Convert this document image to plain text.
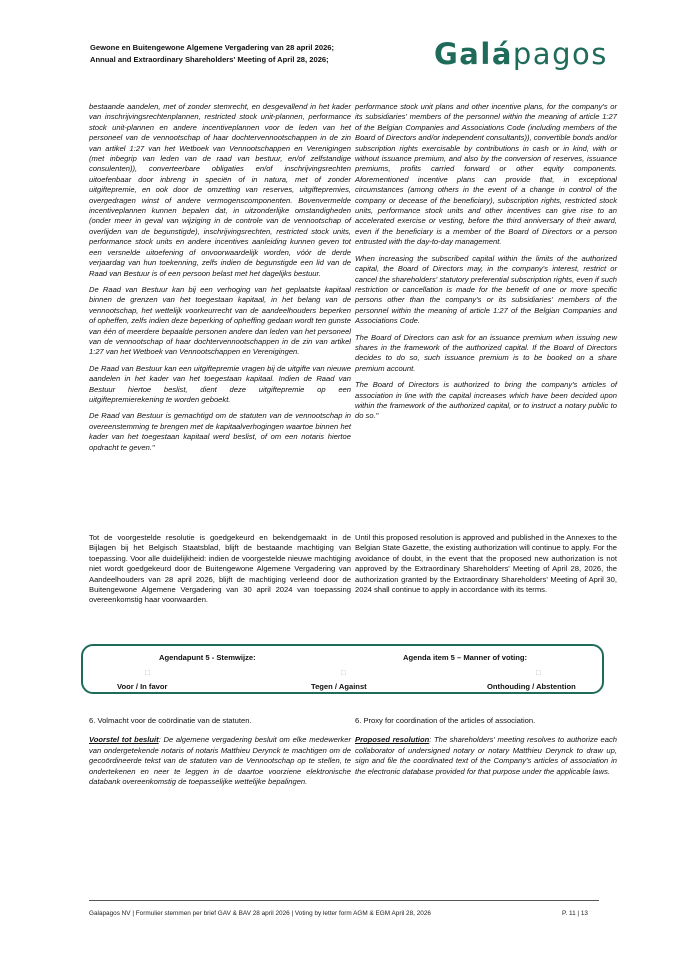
Gewone en Buitengewone Algemene Vergadering van 28 april 2026;
Annual and Extraordinary Shareholders' Meeting of April 28, 2026;	Galápagos

bestaande aandelen, met of zonder stemrecht, en desgevallend in het kader van inschrijvingsrechtenplannen, restricted stock unit-plannen, performance stock unit-plannen en andere incentiveplannen voor de leden van het personeel van de vennootschap of haar dochtervennootschappen in de zin van artikel 1:27 van het Wetboek van Vennootschappen en Verenigingen (met inbegrip van leden van de raad van bestuur, en/of zelfstandige consulenten)), converteerbare obligaties en/of inschrijvingsrechten uitoefenbaar door inbreng in speciën of in natura, met of zonder uitgiftepremie, en ook door de omzetting van reserves, uitgiftepremies, overgedragen winst of andere vermogenscomponenten. Bovenvermelde incentiveplannen kunnen bepalen dat, in uitzonderlijke omstandigheden (onder meer in geval van wijziging in de controle van de vennootschap of overlijden van de begunstigde), inschrijvingsrechten, restricted stock units, performance stock units en andere incentives aanleiding kunnen geven tot een versnelde uitoefening of onvoorwaardelijk worden, vóór de derde verjaardag van hun toekenning, zelfs indien de begunstigde een lid van de Raad van Bestuur is of een persoon belast met het dagelijks bestuur.

De Raad van Bestuur kan bij een verhoging van het geplaatste kapitaal binnen de grenzen van het toegestaan kapitaal, in het belang van de vennootschap, het wettelijk voorkeurrecht van de aandeelhouders beperken of opheffen, zelfs indien deze beperking of opheffing gedaan wordt ten gunste van één of meerdere bepaalde personen andere dan leden van het personeel van de vennootschap of haar dochtervennootschappen in de zin van artikel 1:27 van het Wetboek van Vennootschappen en Verenigingen.

De Raad van Bestuur kan een uitgiftepremie vragen bij de uitgifte van nieuwe aandelen in het kader van het toegestaan kapitaal. Indien de Raad van Bestuur hiertoe beslist, dient deze uitgiftepremie op een uitgiftepremierekening te worden geboekt.

De Raad van Bestuur is gemachtigd om de statuten van de vennootschap in overeenstemming te brengen met de kapitaalverhogingen waartoe binnen het kader van het toegestaan kapitaal werd beslist, of om een notaris hiertoe opdracht te geven."

performance stock unit plans and other incentive plans, for the company's or its subsidiaries' members of the personnel within the meaning of article 1:27 of the Belgian Companies and Associations Code (including members of the Board of Directors and/or independent consultants)), convertible bonds and/or subscription rights exercisable by contributions in cash or in kind, with or without issuance premium, and also by the conversion of reserves, issuance premiums, profits carried forward or other equity components. Aforementioned incentive plans can provide that, in exceptional circumstances (among others in the event of a change in control of the company or decease of the beneficiary), subscription rights, restricted stock units, performance stock units and other incentives can give rise to an accelerated exercise or vesting, before the third anniversary of their award, even if the beneficiary is a member of the Board of Directors or a person entrusted with the day-to-day management.

When increasing the subscribed capital within the limits of the authorized capital, the Board of Directors may, in the company's interest, restrict or cancel the shareholders' statutory preferential subscription rights, even if such restriction or cancellation is made for the benefit of one or more specific persons other than the company's or its subsidiaries' members of the personnel within the meaning of article 1:27 of the Belgian Companies and Associations Code.

The Board of Directors can ask for an issuance premium when issuing new shares in the framework of the authorized capital. If the Board of Directors decides to do so, such issuance premium is to be booked on a share premium account.

The Board of Directors is authorized to bring the company's articles of association in line with the capital increases which have been decided upon within the framework of the authorized capital, or to instruct a notary public to do so."

Tot de voorgestelde resolutie is goedgekeurd en bekendgemaakt in de Bijlagen bij het Belgisch Staatsblad, blijft de bestaande machtiging van toepassing. Voor alle duidelijkheid: indien de voorgestelde nieuwe machtiging niet wordt goedgekeurd door de Buitengewone Algemene Vergadering van Aandeelhouders van 28 april 2026, blijft de machtiging verleend door de Buitengewone Algemene Vergadering van 30 april 2024 van toepassing overeenkomstig haar voorwaarden.

Until this proposed resolution is approved and published in the Annexes to the Belgian State Gazette, the existing authorization will continue to apply. For the avoidance of doubt, in the event that the proposed new authorization is not approved by the Extraordinary Shareholders' Meeting of April 28, 2026, the authorization granted by the Extraordinary Shareholders' Meeting of April 30, 2024 shall continue to apply in accordance with its terms.

Agendapunt 5 - Stemwijze:	Agenda item 5 – Manner of voting:
□	□	□
Voor / In favor	Tegen / Against	Onthouding / Abstention

6. Volmacht voor de coördinatie van de statuten.

Voorstel tot besluit: De algemene vergadering besluit om elke medewerker van ondergetekende notaris of notaris Matthieu Derynck te machtigen om de gecoördineerde tekst van de statuten van de Vennootschap op te stellen, te ondertekenen en neer te leggen in de daartoe voorziene elektronische databank overeenkomstig de toepasselijke wettelijke bepalingen.

6. Proxy for coordination of the articles of association.

Proposed resolution: The shareholders' meeting resolves to authorize each collaborator of undersigned notary or notary Matthieu Derynck to draw up, sign and file the coordinated text of the Company's articles of association in the electronic database provided for that purpose under the applicable laws.

Galapagos NV | Formulier stemmen per brief GAV & BAV 28 april 2026 | Voting by letter form AGM & EGM April 28, 2026	P. 11 | 13
